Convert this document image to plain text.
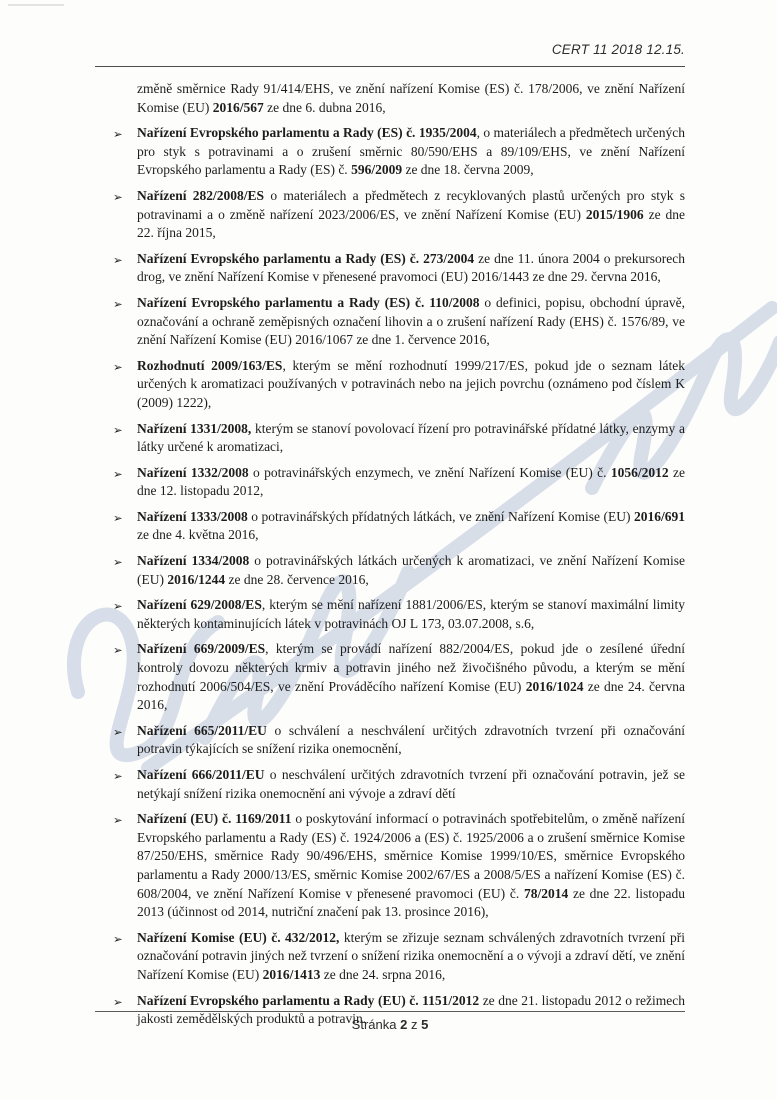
CERT 11 2018 12.15.
změně směrnice Rady 91/414/EHS, ve znění nařízení Komise (ES) č. 178/2006, ve znění Nařízení Komise (EU) 2016/567 ze dne 6. dubna 2016,
➢ Nařízení Evropského parlamentu a Rady (ES) č. 1935/2004, o materiálech a předmětech určených pro styk s potravinami a o zrušení směrnic 80/590/EHS a 89/109/EHS, ve znění Nařízení Evropského parlamentu a Rady (ES) č. 596/2009 ze dne 18. června 2009,
➢ Nařízení 282/2008/ES o materiálech a předmětech z recyklovaných plastů určených pro styk s potravinami a o změně nařízení 2023/2006/ES, ve znění Nařízení Komise (EU) 2015/1906 ze dne 22. října 2015,
➢ Nařízení Evropského parlamentu a Rady (ES) č. 273/2004 ze dne 11. února 2004 o prekursorech drog, ve znění Nařízení Komise v přenesené pravomoci (EU) 2016/1443 ze dne 29. června 2016,
➢ Nařízení Evropského parlamentu a Rady (ES) č. 110/2008 o definici, popisu, obchodní úpravě, označování a ochraně zeměpisných označení lihovin a o zrušení nařízení Rady (EHS) č. 1576/89, ve znění Nařízení Komise (EU) 2016/1067 ze dne 1. července 2016,
➢ Rozhodnutí 2009/163/ES, kterým se mění rozhodnutí 1999/217/ES, pokud jde o seznam látek určených k aromatizaci používaných v potravinách nebo na jejich povrchu (oznámeno pod číslem K (2009) 1222),
➢ Nařízení 1331/2008, kterým se stanoví povolovací řízení pro potravinářské přídatné látky, enzymy a látky určené k aromatizaci,
➢ Nařízení 1332/2008 o potravinářských enzymech, ve znění Nařízení Komise (EU) č. 1056/2012 ze dne 12. listopadu 2012,
➢ Nařízení 1333/2008 o potravinářských přídatných látkách, ve znění Nařízení Komise (EU) 2016/691 ze dne 4. května 2016,
➢ Nařízení 1334/2008 o potravinářských látkách určených k aromatizaci, ve znění Nařízení Komise (EU) 2016/1244 ze dne 28. července 2016,
➢ Nařízení 629/2008/ES, kterým se mění nařízení 1881/2006/ES, kterým se stanoví maximální limity některých kontaminujících látek v potravinách OJ L 173, 03.07.2008, s.6,
➢ Nařízení 669/2009/ES, kterým se provádí nařízení 882/2004/ES, pokud jde o zesílené úřední kontroly dovozu některých krmiv a potravin jiného než živočišného původu, a kterým se mění rozhodnutí 2006/504/ES, ve znění Prováděcího nařízení Komise (EU) 2016/1024 ze dne 24. června 2016,
➢ Nařízení 665/2011/EU o schválení a neschválení určitých zdravotních tvrzení při označování potravin týkajících se snížení rizika onemocnění,
➢ Nařízení 666/2011/EU o neschválení určitých zdravotních tvrzení při označování potravin, jež se netýkají snížení rizika onemocnění ani vývoje a zdraví dětí
➢ Nařízení (EU) č. 1169/2011 o poskytování informací o potravinách spotřebitelům, o změně nařízení Evropského parlamentu a Rady (ES) č. 1924/2006 a (ES) č. 1925/2006 a o zrušení směrnice Komise 87/250/EHS, směrnice Rady 90/496/EHS, směrnice Komise 1999/10/ES, směrnice Evropského parlamentu a Rady 2000/13/ES, směrnic Komise 2002/67/ES a 2008/5/ES a nařízení Komise (ES) č. 608/2004, ve znění Nařízení Komise v přenesené pravomoci (EU) č. 78/2014 ze dne 22. listopadu 2013 (účinnost od 2014, nutriční značení pak 13. prosince 2016),
➢ Nařízení Komise (EU) č. 432/2012, kterým se zřizuje seznam schválených zdravotních tvrzení při označování potravin jiných než tvrzení o snížení rizika onemocnění a o vývoji a zdraví dětí, ve znění Nařízení Komise (EU) 2016/1413 ze dne 24. srpna 2016,
➢ Nařízení Evropského parlamentu a Rady (EU) č. 1151/2012 ze dne 21. listopadu 2012 o režimech jakosti zemědělských produktů a potravin.
Stránka 2 z 5
